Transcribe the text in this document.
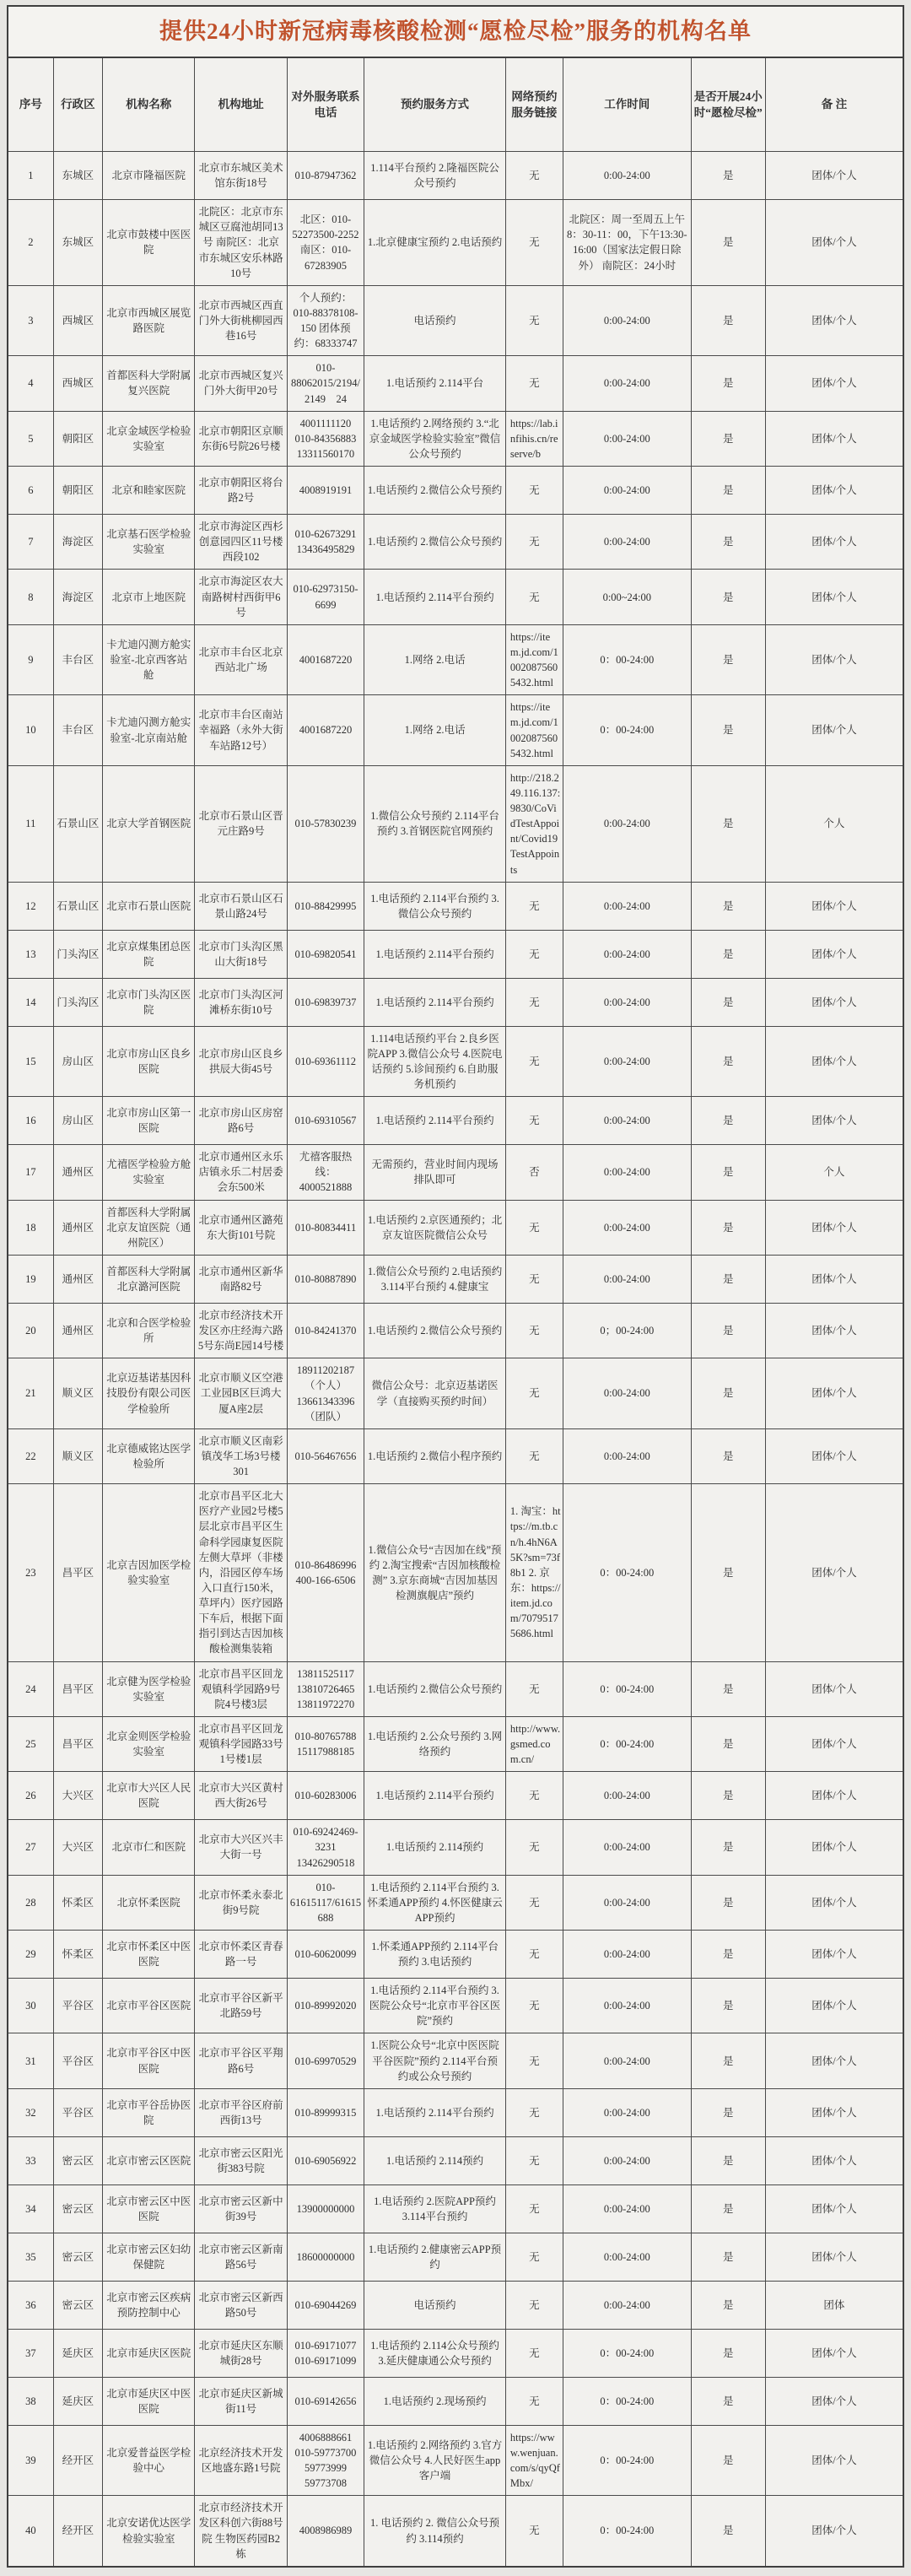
提供24小时新冠病毒核酸检测“愿检尽检”服务的机构名单									
序号	行政区	机构名称	机构地址	对外服务联系电话	预约服务方式	网络预约服务链接	工作时间	是否开展24小时“愿检尽检”	备 注
1	东城区	北京市隆福医院	北京市东城区美术馆东街18号	010-87947362	1.114平台预约 2.隆福医院公众号预约	无	0:00-24:00	是	团体/个人
2	东城区	北京市鼓楼中医医院	北院区：北京市东城区豆腐池胡同13号 南院区：北京市东城区安乐林路10号	北区：010-52273500-2252 南区：010-67283905	1.北京健康宝预约 2.电话预约	无	北院区：周一至周五上午8：30-11：00，下午13:30-16:00（国家法定假日除外） 南院区：24小时	是	团体/个人
3	西城区	北京市西城区展览路医院	北京市西城区西直门外大街桃柳园西巷16号	个人预约：010-88378108-150 团体预约：68333747	电话预约	无	0:00-24:00	是	团体/个人
4	西城区	首都医科大学附属复兴医院	北京市西城区复兴门外大街甲20号	010-88062015/2194/2149　24	1.电话预约 2.114平台	无	0:00-24:00	是	团体/个人
5	朝阳区	北京金域医学检验实验室	北京市朝阳区京顺东街6号院26号楼	4001111120 010-84356883 13311560170	1.电话预约 2.网络预约 3.“北京金域医学检验实验室”微信公众号预约	https://lab.infihis.cn/reserve/b	0:00-24:00	是	团体/个人
6	朝阳区	北京和睦家医院	北京市朝阳区将台路2号	4008919191	1.电话预约 2.微信公众号预约	无	0:00-24:00	是	团体/个人
7	海淀区	北京基石医学检验实验室	北京市海淀区西杉创意园四区11号楼西段102	010-62673291 13436495829	1.电话预约 2.微信公众号预约	无	0:00-24:00	是	团体/个人
8	海淀区	北京市上地医院	北京市海淀区农大南路树村西街甲6号	010-62973150-6699	1.电话预约 2.114平台预约	无	0:00~24:00	是	团体/个人
9	丰台区	卡尤迪闪测方舱实验室-北京西客站舱	北京市丰台区北京西站北广场	4001687220	1.网络 2.电话	https://item.jd.com/10020875605432.html	0：00-24:00	是	团体/个人
10	丰台区	卡尤迪闪测方舱实验室-北京南站舱	北京市丰台区南站幸福路（永外大街车站路12号）	4001687220	1.网络 2.电话	https://item.jd.com/10020875605432.html	0：00-24:00	是	团体/个人
11	石景山区	北京大学首钢医院	北京市石景山区晋元庄路9号	010-57830239	1.微信公众号预约 2.114平台预约 3.首钢医院官网预约	http://218.249.116.137:9830/CoVidTestAppoint/Covid19TestAppoints	0:00-24:00	是	个人
12	石景山区	北京市石景山医院	北京市石景山区石景山路24号	010-88429995	1.电话预约 2.114平台预约 3.微信公众号预约	无	0:00-24:00	是	团体/个人
13	门头沟区	北京京煤集团总医院	北京市门头沟区黑山大街18号	010-69820541	1.电话预约 2.114平台预约	无	0:00-24:00	是	团体/个人
14	门头沟区	北京市门头沟区医院	北京市门头沟区河滩桥东街10号	010-69839737	1.电话预约 2.114平台预约	无	0:00-24:00	是	团体/个人
15	房山区	北京市房山区良乡医院	北京市房山区良乡拱辰大街45号	010-69361112	1.114电话预约平台 2.良乡医院APP 3.微信公众号 4.医院电话预约 5.诊间预约 6.自助服务机预约	无	0:00-24:00	是	团体/个人
16	房山区	北京市房山区第一医院	北京市房山区房窑路6号	010-69310567	1.电话预约 2.114平台预约	无	0:00-24:00	是	团体/个人
17	通州区	尤禧医学检验方舱实验室	北京市通州区永乐店镇永乐二村居委会东500米	尤禧客服热线：4000521888	无需预约，营业时间内现场排队即可	否	0:00-24:00	是	个人
18	通州区	首都医科大学附属北京友谊医院（通州院区）	北京市通州区潞苑东大街101号院	010-80834411	1.电话预约 2.京医通预约；北京友谊医院微信公众号	无	0:00-24:00	是	团体/个人
19	通州区	首都医科大学附属北京潞河医院	北京市通州区新华南路82号	010-80887890	1.微信公众号预约 2.电话预约 3.114平台预约 4.健康宝	无	0:00-24:00	是	团体/个人
20	通州区	北京和合医学检验所	北京市经济技术开发区亦庄经海六路5号东尚E园14号楼	010-84241370	1.电话预约 2.微信公众号预约	无	0；00-24:00	是	团体/个人
21	顺义区	北京迈基诺基因科技股份有限公司医学检验所	北京市顺义区空港工业园B区巨鸿大厦A座2层	18911202187（个人）13661343396（团队）	微信公众号：北京迈基诺医学（直接购买预约时间）	无	0:00-24:00	是	团体/个人
22	顺义区	北京德威铭达医学检验所	北京市顺义区南彩镇茂华工场3号楼301	010-56467656	1.电话预约 2.微信小程序预约	无	0:00-24:00	是	团体/个人
23	昌平区	北京吉因加医学检验实验室	北京市昌平区北大医疗产业园2号楼5层北京市昌平区生命科学园康复医院左侧大草坪（非楼内，沿园区停车场入口直行150米，草坪内）医疗园路下车后，根据下面指引到达吉因加核酸检测集装箱	010-86486996 400-166-6506	1.微信公众号“吉因加在线”预约 2.淘宝搜索“吉因加核酸检测” 3.京东商城“吉因加基因检测旗舰店”预约	1. 淘宝：https://m.tb.cn/h.4hN6A5K?sm=73f8b1 2. 京东：https://item.jd.com/70795175686.html	0：00-24:00	是	团体/个人
24	昌平区	北京健为医学检验实验室	北京市昌平区回龙观镇科学园路9号院4号楼3层	13811525117 13810726465 13811972270	1.电话预约 2.微信公众号预约	无	0：00-24:00	是	团体/个人
25	昌平区	北京金则医学检验实验室	北京市昌平区回龙观镇科学园路33号1号楼1层	010-80765788 15117988185	1.电话预约 2.公众号预约 3.网络预约	http://www.gsmed.com.cn/	0：00-24:00	是	团体/个人
26	大兴区	北京市大兴区人民医院	北京市大兴区黄村西大街26号	010-60283006	1.电话预约 2.114平台预约	无	0:00-24:00	是	团体/个人
27	大兴区	北京市仁和医院	北京市大兴区兴丰大街一号	010-69242469-3231 13426290518	1.电话预约 2.114预约	无	0:00-24:00	是	团体/个人
28	怀柔区	北京怀柔医院	北京市怀柔永泰北街9号院	010-61615117/61615688	1.电话预约 2.114平台预约 3.怀柔通APP预约 4.怀医健康云APP预约	无	0:00-24:00	是	团体/个人
29	怀柔区	北京市怀柔区中医医院	北京市怀柔区青春路一号	010-60620099	1.怀柔通APP预约 2.114平台预约 3.电话预约	无	0:00-24:00	是	团体/个人
30	平谷区	北京市平谷区医院	北京市平谷区新平北路59号	010-89992020	1.电话预约 2.114平台预约 3.医院公众号“北京市平谷区医院”预约	无	0:00-24:00	是	团体/个人
31	平谷区	北京市平谷区中医医院	北京市平谷区平翔路6号	010-69970529	1.医院公众号“北京中医医院平谷医院”预约 2.114平台预约或公众号预约	无	0:00-24:00	是	团体/个人
32	平谷区	北京市平谷岳协医院	北京市平谷区府前西街13号	010-89999315	1.电话预约 2.114平台预约	无	0:00-24:00	是	团体/个人
33	密云区	北京市密云区医院	北京市密云区阳光街383号院	010-69056922	1.电话预约 2.114预约	无	0:00-24:00	是	团体/个人
34	密云区	北京市密云区中医医院	北京市密云区新中街39号	13900000000	1.电话预约 2.医院APP预约 3.114平台预约	无	0:00-24:00	是	团体/个人
35	密云区	北京市密云区妇幼保健院	北京市密云区新南路56号	18600000000	1.电话预约 2.健康密云APP预约	无	0:00-24:00	是	团体/个人
36	密云区	北京市密云区疾病预防控制中心	北京市密云区新西路50号	010-69044269	电话预约	无	0:00-24:00	是	团体
37	延庆区	北京市延庆区医院	北京市延庆区东顺城街28号	010-69171077 010-69171099	1.电话预约 2.114公众号预约 3.延庆健康通公众号预约	无	0：00-24:00	是	团体/个人
38	延庆区	北京市延庆区中医医院	北京市延庆区新城街11号	010-69142656	1.电话预约 2.现场预约	无	0：00-24:00	是	团体/个人
39	经开区	北京爱普益医学检验中心	北京经济技术开发区地盛东路1号院	4006888661 010-59773700 59773999 59773708	1.电话预约 2.网络预约 3.官方微信公众号 4.人民好医生app客户端	https://www.wenjuan.com/s/qyQfMbx/	0：00-24:00	是	团体/个人
40	经开区	北京安诺优达医学检验实验室	北京市经济技术开发区科创六街88号院 生物医药园B2栋	4008986989	1. 电话预约 2. 微信公众号预约 3.114预约	无	0：00-24:00	是	团体/个人
